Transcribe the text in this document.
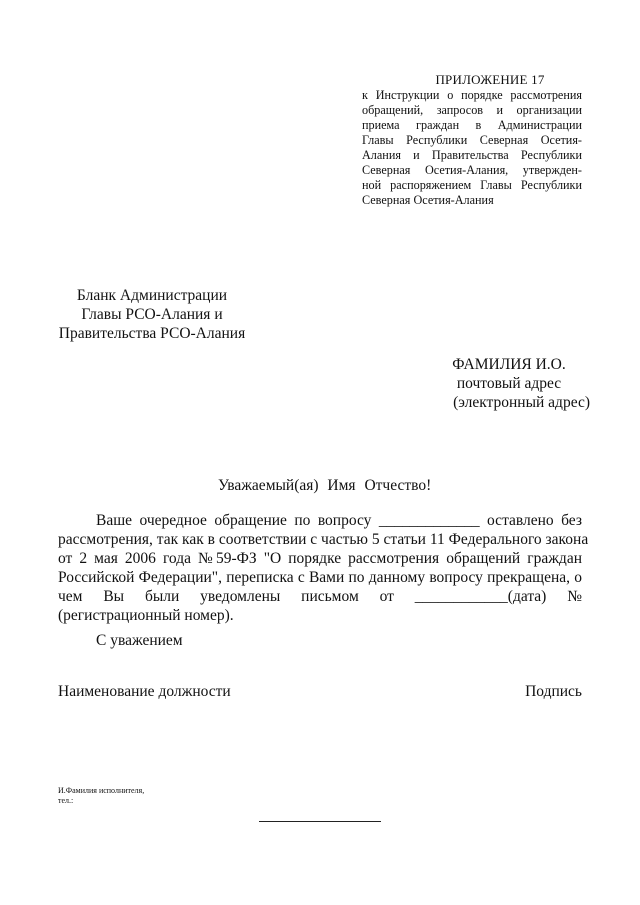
ПРИЛОЖЕНИЕ 17
к Инструкции о порядке рассмотрения
обращений, запросов и организации
приема граждан в Администрации
Главы Республики Северная Осетия-
Алания и Правительства Республики
Северная Осетия-Алания, утвержден-
ной распоряжением Главы Республики
Северная Осетия-Алания
Бланк Администрации
Главы РСО-Алания и
Правительства РСО-Алания
ФАМИЛИЯ И.О.
почтовый адрес
(электронный адрес)
Уважаемый(ая) Имя Отчество!
Ваше очередное обращение по вопросу _____________ оставлено без
рассмотрения, так как в соответствии с частью 5 статьи 11 Федерального закона
от 2 мая 2006 года №59-ФЗ "О порядке рассмотрения обращений граждан
Российской Федерации", переписка с Вами по данному вопросу прекращена, о
чем Вы были уведомлены письмом от ____________(дата) №
(регистрационный номер).
С уважением
Наименование должности	Подпись
И.Фамилия исполнителя,
тел.:
